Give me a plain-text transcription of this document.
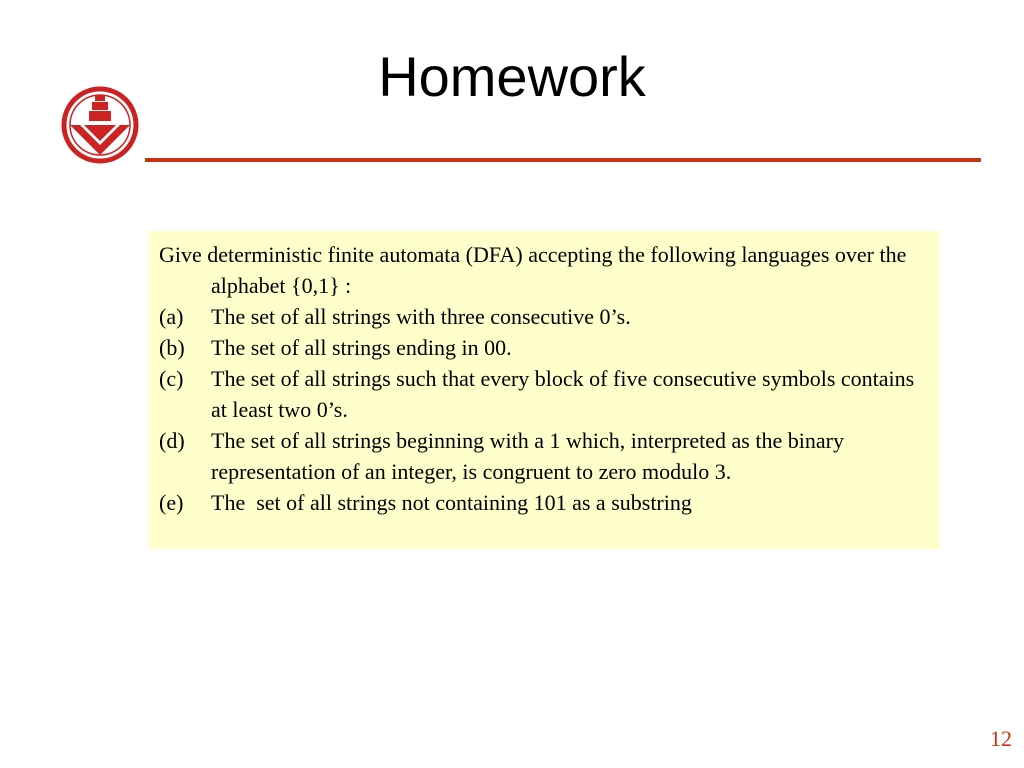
Homework

Give deterministic finite automata (DFA) accepting the following languages over the alphabet {0,1} :

(a)	The set of all strings with three consecutive 0’s.
(b)	The set of all strings ending in 00.
(c)	The set of all strings such that every block of five consecutive symbols contains at least two 0’s.
(d)	The set of all strings beginning with a 1 which, interpreted as the binary representation of an integer, is congruent to zero modulo 3.
(e)	The  set of all strings not containing 101 as a substring
12
